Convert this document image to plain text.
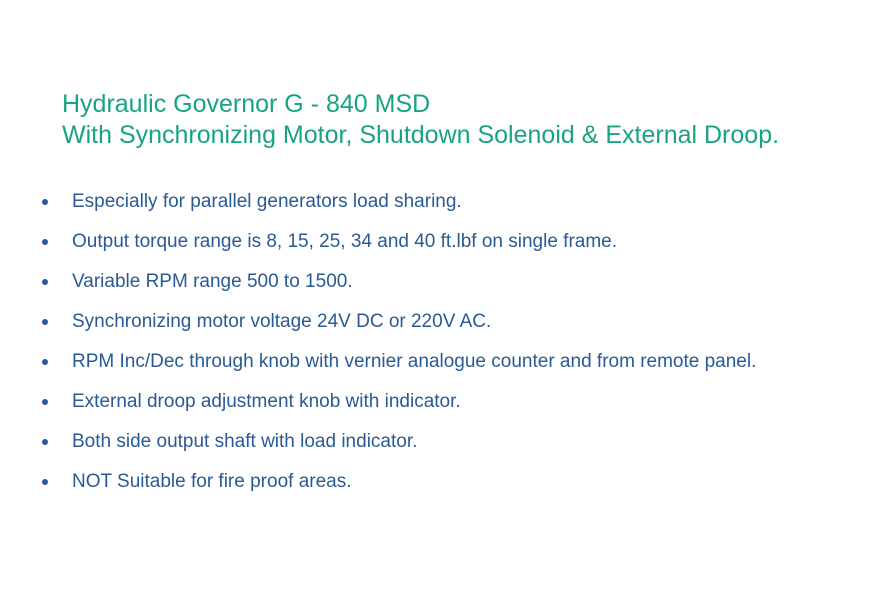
Hydraulic Governor G - 840 MSD
With Synchronizing Motor, Shutdown Solenoid & External Droop.
Especially for parallel generators load sharing.
Output torque range is 8, 15, 25, 34 and 40 ft.lbf on single frame.
Variable RPM range 500 to 1500.
Synchronizing motor voltage 24V DC or 220V AC.
RPM Inc/Dec through knob with vernier analogue counter and from remote panel.
External droop adjustment knob with indicator.
Both side output shaft with load indicator.
NOT Suitable for fire proof areas.
